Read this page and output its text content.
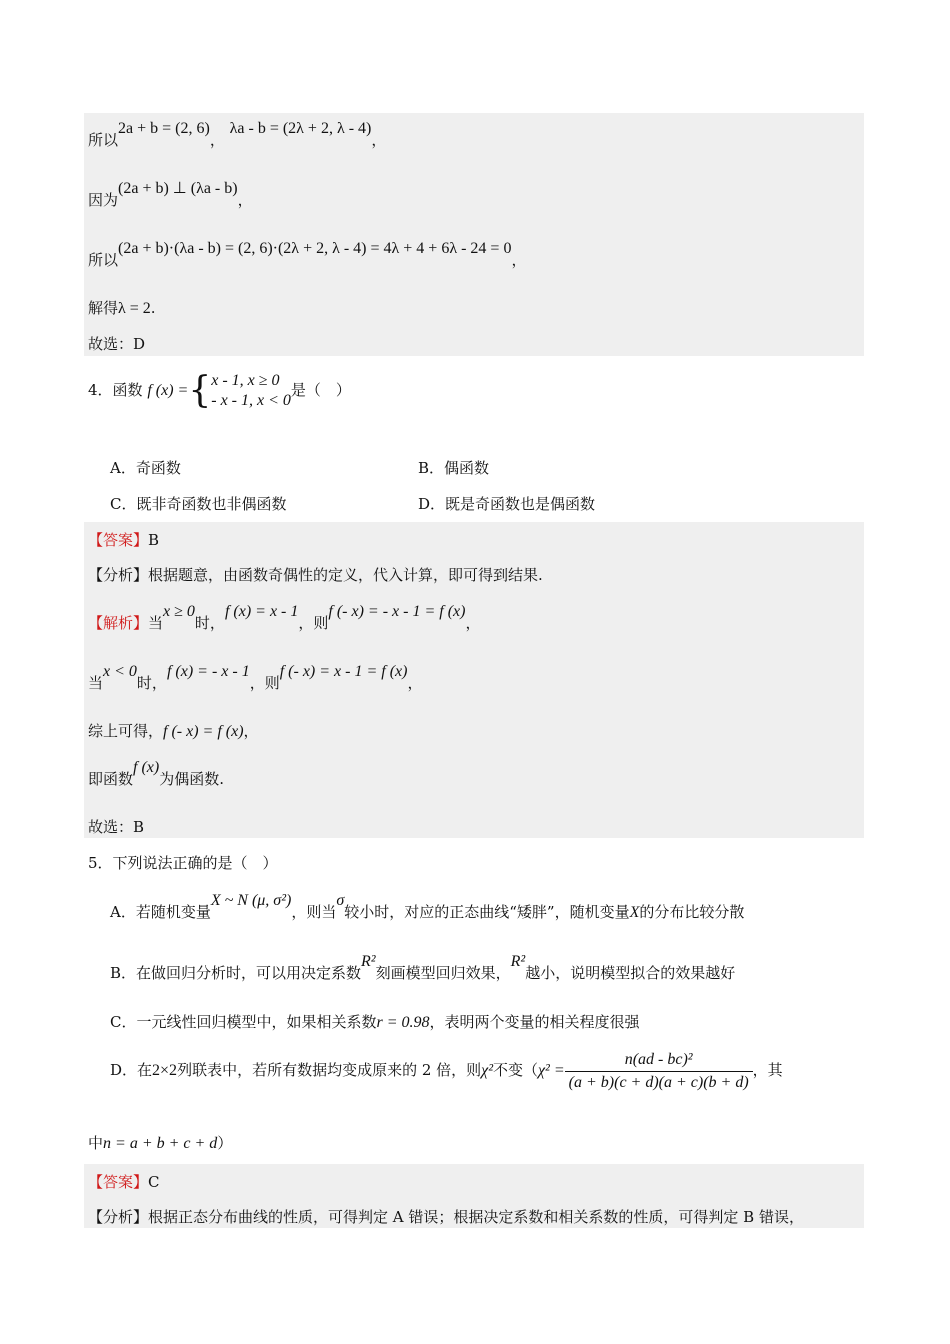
所以2a + b = (2, 6)， λa - b = (2λ + 2, λ - 4)，
因为(2a + b) ⊥ (λa - b)，
所以(2a + b)·(λa - b) = (2, 6)·(2λ + 2, λ - 4) = 4λ + 4 + 6λ - 24 = 0，
解得λ = 2.
故选：D
4．函数 f (x) ={ x - 1, x ≥ 0
- x - 1, x < 0
是（　）
A．奇函数	B．偶函数
C．既非奇函数也非偶函数	D．既是奇函数也是偶函数
【答案】B
【分析】根据题意，由函数奇偶性的定义，代入计算，即可得到结果.
【解析】当x ≥ 0时，f (x) = x - 1，则f (- x) = - x - 1 = f (x)，
当x < 0时，f (x) = - x - 1，则f (- x) = x - 1 = f (x)，
综上可得，f (- x) = f (x)，
即函数f (x)为偶函数.
故选：B
5．下列说法正确的是（　）
A．若随机变量X ~ N (μ, σ²)，则当σ较小时，对应的正态曲线“矮胖”，随机变量X的分布比较分散
B．在做回归分析时，可以用决定系数R²刻画模型回归效果，R²越小，说明模型拟合的效果越好
C．一元线性回归模型中，如果相关系数r = 0.98，表明两个变量的相关程度很强
D．在2×2列联表中，若所有数据均变成原来的 2 倍，则χ²不变（$\chi^2 = \frac{\text{n(ad - bc)²}}{(a + b)(c + d)(a + c)(b + d)}$ ，其
中n = a + b + c + d）
【答案】C
【分析】根据正态分布曲线的性质，可得判定 A 错误；根据决定系数和相关系数的性质，可得判定 B 错误，
